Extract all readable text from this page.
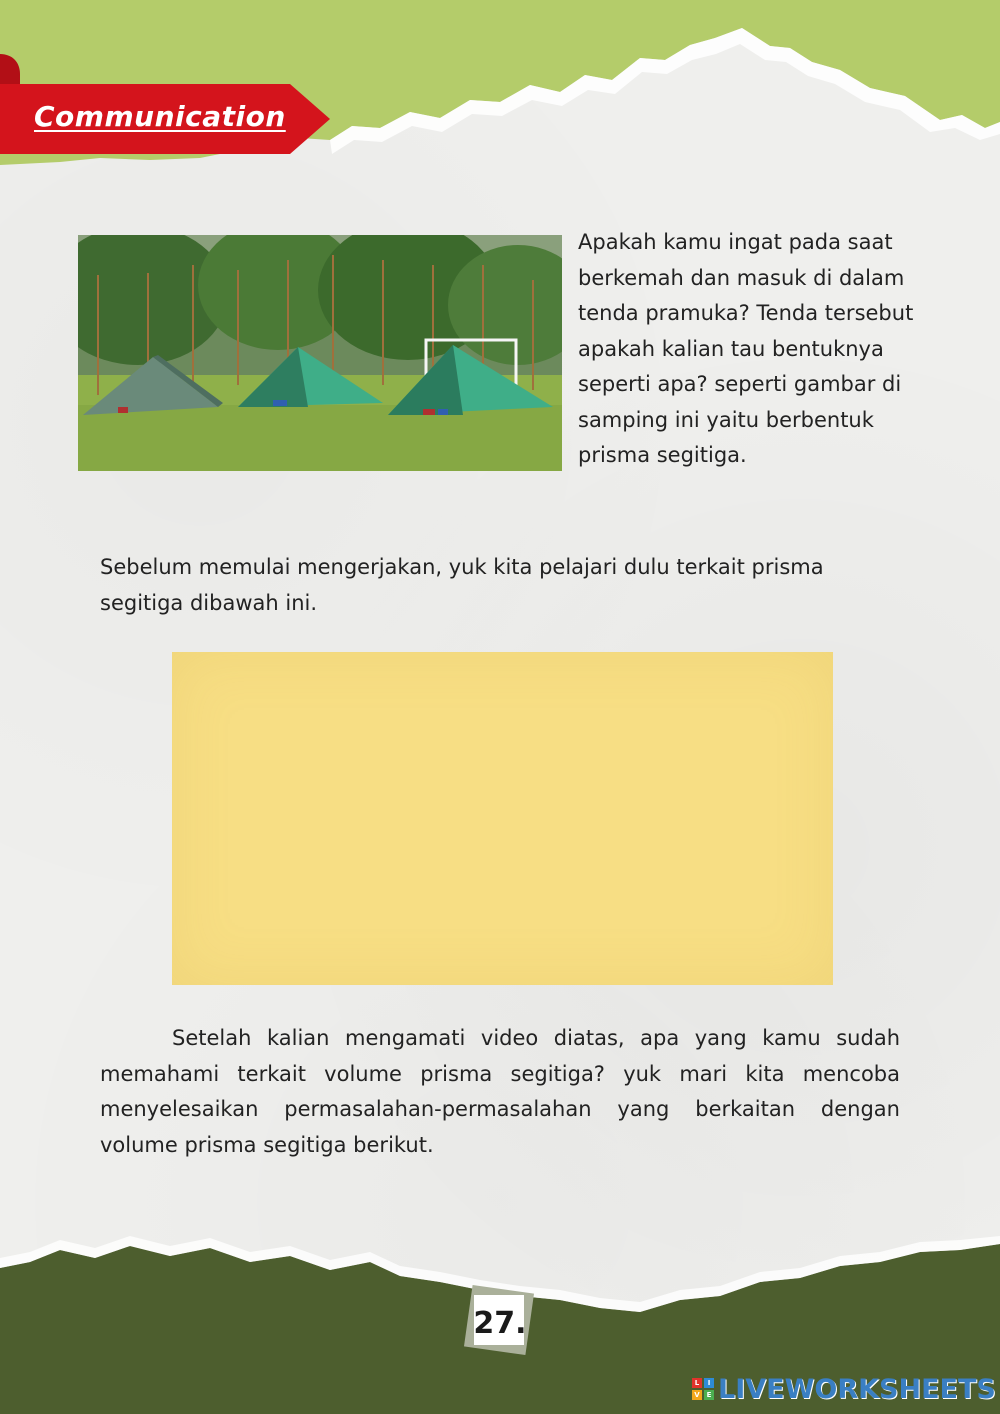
Communication
Apakah kamu ingat pada saat berkemah dan masuk di dalam tenda pramuka? Tenda tersebut apakah kalian tau bentuknya seperti apa? seperti gambar di samping ini yaitu berbentuk prisma segitiga.
Sebelum memulai mengerjakan, yuk kita pelajari dulu terkait prisma segitiga dibawah ini.
Setelah kalian mengamati video diatas, apa yang kamu sudah memahami terkait volume prisma segitiga? yuk mari kita mencoba menyelesaikan permasalahan-permasalahan yang berkaitan dengan volume prisma segitiga berikut.
27.
L	I
V E LIVEWORKSHEETS
